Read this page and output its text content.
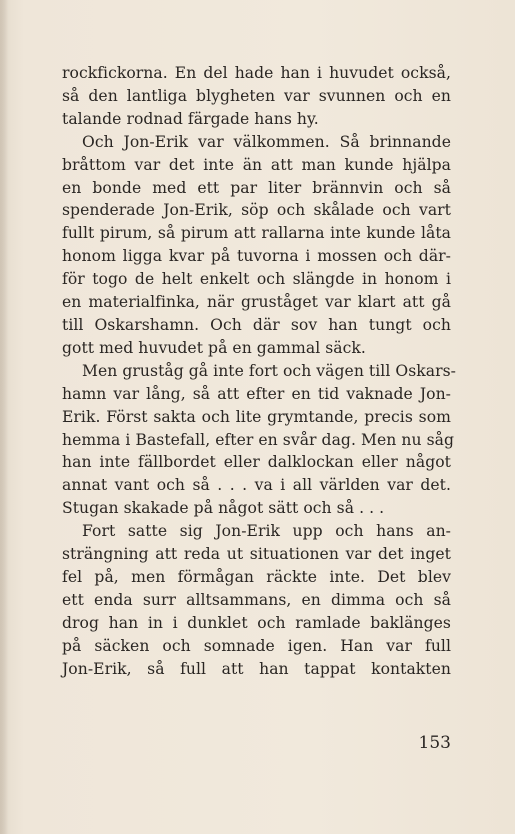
rockfickorna. En del hade han i huvudet också,
så den lantliga blygheten var svunnen och en
talande rodnad färgade hans hy.

Och Jon-Erik var välkommen. Så brinnande
bråttom var det inte än att man kunde hjälpa
en bonde med ett par liter brännvin och så
spenderade Jon-Erik, söp och skålade och vart
fullt pirum, så pirum att rallarna inte kunde låta
honom ligga kvar på tuvorna i mossen och där-
för togo de helt enkelt och slängde in honom i
en materialfinka, när gruståget var klart att gå
till Oskarshamn. Och där sov han tungt och
gott med huvudet på en gammal säck.

Men gruståg gå inte fort och vägen till Oskars-
hamn var lång, så att efter en tid vaknade Jon-
Erik. Först sakta och lite grymtande, precis som
hemma i Bastefall, efter en svår dag. Men nu såg
han inte fällbordet eller dalklockan eller något
annat vant och så . . . va i all världen var det.
Stugan skakade på något sätt och så . . .

Fort satte sig Jon-Erik upp och hans an-
strängning att reda ut situationen var det inget
fel på, men förmågan räckte inte. Det blev
ett enda surr alltsammans, en dimma och så
drog han in i dunklet och ramlade baklänges
på säcken och somnade igen. Han var full
Jon-Erik, så full att han tappat kontakten

153
